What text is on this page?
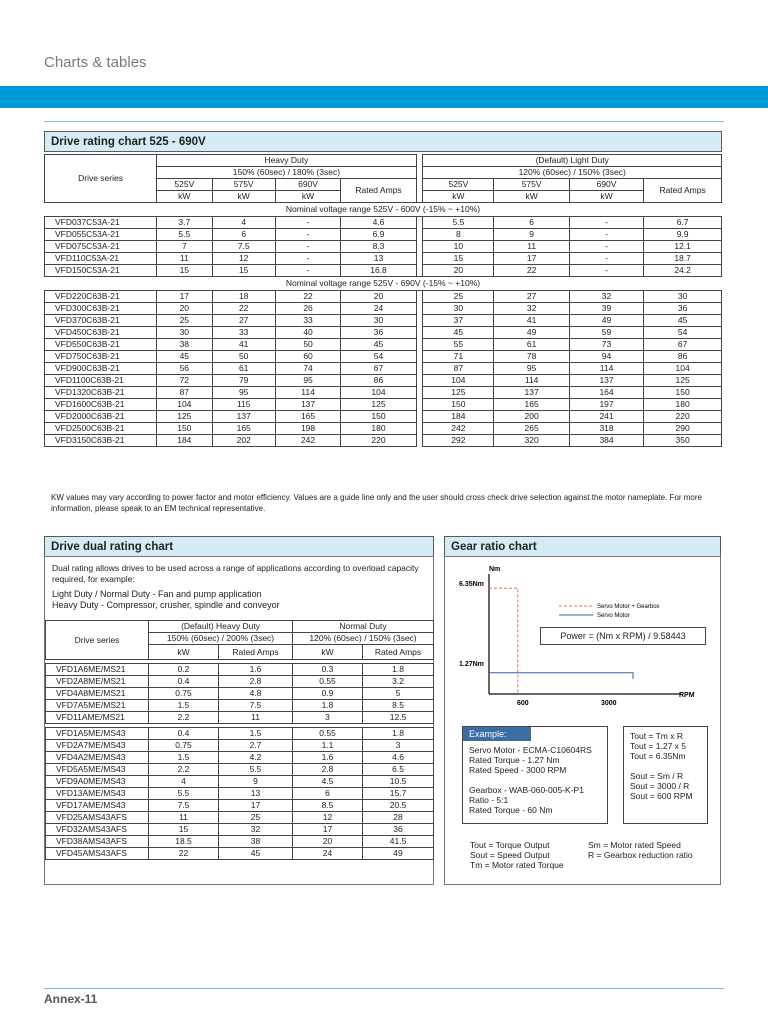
Charts & tables
Drive rating chart 525 - 690V
Drive series	Heavy Duty					(Default) Light Duty			
	150% (60sec) / 180% (3sec)					120% (60sec) / 150% (3sec)			
	525V	575V	690V	Rated Amps		525V	575V	690V	Rated Amps
	kW	kW	kW			kW	kW	kW	
Nominal voltage range 525V - 600V (-15% ~ +10%)									
VFD037C53A-21	3.7	4	-	4.6		5.5	6	-	6.7
VFD055C53A-21	5.5	6	-	6.9		8	9	-	9.9
VFD075C53A-21	7	7.5	-	8.3		10	11	-	12.1
VFD110C53A-21	11	12	-	13		15	17	-	18.7
VFD150C53A-21	15	15	-	16.8		20	22	-	24.2
Nominal voltage range 525V - 690V (-15% ~ +10%)									
VFD220C63B-21	17	18	22	20		25	27	32	30
VFD300C63B-21	20	22	26	24		30	32	39	36
VFD370C63B-21	25	27	33	30		37	41	49	45
VFD450C63B-21	30	33	40	36		45	49	59	54
VFD550C63B-21	38	41	50	45		55	61	73	67
VFD750C63B-21	45	50	60	54		71	78	94	86
VFD900C63B-21	56	61	74	67		87	95	114	104
VFD1100C63B-21	72	79	95	86		104	114	137	125
VFD1320C63B-21	87	95	114	104		125	137	164	150
VFD1600C63B-21	104	115	137	125		150	165	197	180
VFD2000C63B-21	125	137	165	150		184	200	241	220
VFD2500C63B-21	150	165	198	180		242	265	318	290
VFD3150C63B-21	184	202	242	220		292	320	384	350
KW values may vary according to power factor and motor efficiency. Values are a guide line only and the user should cross check drive selection against the motor nameplate. For more information, please speak to an EM technical representative.
Drive dual rating chart
Dual rating allows drives to be used across a range of applications according to overload capacity required, for example:
Light Duty / Normal Duty - Fan and pump application
Heavy Duty - Compressor, crusher, spindle and conveyor
Drive series	(Default) Heavy Duty		Normal Duty	
	150% (60sec) / 200% (3sec)		120% (60sec) / 150% (3sec)	
	kW	Rated Amps	kW	Rated Amps

VFD1A6ME/MS21	0.2	1.6	0.3	1.8
VFD2A8ME/MS21	0.4	2.8	0.55	3.2
VFD4A8ME/MS21	0.75	4.8	0.9	5
VFD7A5ME/MS21	1.5	7.5	1.8	8.5
VFD11AME/MS21	2.2	11	3	12.5

VFD1A5ME/MS43	0.4	1.5	0.55	1.8
VFD2A7ME/MS43	0.75	2.7	1.1	3
VFD4A2ME/MS43	1.5	4.2	1.6	4.6
VFD5A5ME/MS43	2.2	5.5	2.8	6.5
VFD9A0ME/MS43	4	9	4.5	10.5
VFD13AME/MS43	5.5	13	6	15.7
VFD17AME/MS43	7.5	17	8.5	20.5
VFD25AMS43AFS	11	25	12	28
VFD32AMS43AFS	15	32	17	36
VFD38AMS43AFS	18.5	38	20	41.5
VFD45AMS43AFS	22	45	24	49
Gear ratio chart
Nm
6.35Nm
1.27Nm
600	3000
RPM
Servo Motor + Gearbox
Servo Motor
Power = (Nm x RPM) / 9.58443
Example:
Servo Motor - ECMA-C10604RS
Rated Torque - 1.27 Nm
Rated Speed - 3000 RPM
Gearbox - WAB-060-005-K-P1
Ratio - 5:1
Rated Torque - 60 Nm
Tout = Tm x R
Tout = 1.27 x 5
Tout = 6.35Nm
Sout = Sm / R
Sout = 3000 / R
Sout = 600 RPM
Tout = Torque Output
Sout = Speed Output
Tm = Motor rated Torque
Sm = Motor rated Speed
R = Gearbox reduction ratio
Annex-11
